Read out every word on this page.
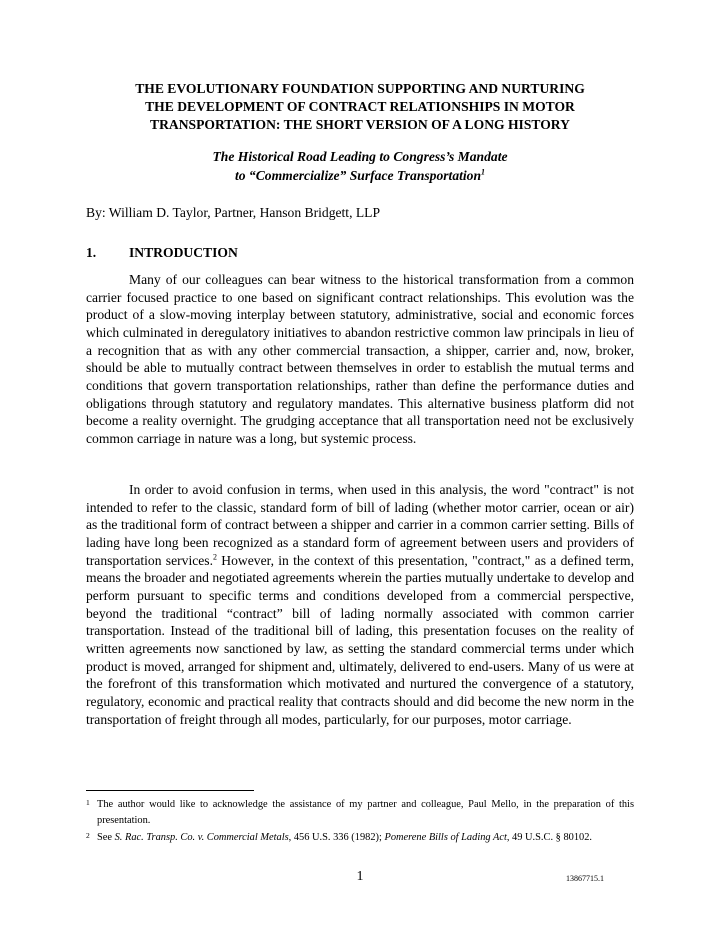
THE EVOLUTIONARY FOUNDATION SUPPORTING AND NURTURING
THE DEVELOPMENT OF CONTRACT RELATIONSHIPS IN MOTOR
TRANSPORTATION: THE SHORT VERSION OF A LONG HISTORY
The Historical Road Leading to Congress’s Mandate
to “Commercialize” Surface Transportation$^1$
By: William D. Taylor, Partner, Hanson Bridgett, LLP
1. INTRODUCTION
Many of our colleagues can bear witness to the historical transformation from a common carrier focused practice to one based on significant contract relationships. This evolution was the product of a slow-moving interplay between statutory, administrative, social and economic forces which culminated in deregulatory initiatives to abandon restrictive common law principals in lieu of a recognition that as with any other commercial transaction, a shipper, carrier and, now, broker, should be able to mutually contract between themselves in order to establish the mutual terms and conditions that govern transportation relationships, rather than define the performance duties and obligations through statutory and regulatory mandates. This alternative business platform did not become a reality overnight. The grudging acceptance that all transportation need not be exclusively common carriage in nature was a long, but systemic process.
In order to avoid confusion in terms, when used in this analysis, the word "contract" is not intended to refer to the classic, standard form of bill of lading (whether motor carrier, ocean or air) as the traditional form of contract between a shipper and carrier in a common carrier setting. Bills of lading have long been recognized as a standard form of agreement between users and providers of transportation services.$^2$ However, in the context of this presentation, "contract," as a defined term, means the broader and negotiated agreements wherein the parties mutually undertake to develop and perform pursuant to specific terms and conditions developed from a commercial perspective, beyond the traditional “contract” bill of lading normally associated with common carrier transportation. Instead of the traditional bill of lading, this presentation focuses on the reality of written agreements now sanctioned by law, as setting the standard commercial terms under which product is moved, arranged for shipment and, ultimately, delivered to end-users. Many of us were at the forefront of this transformation which motivated and nurtured the convergence of a statutory, regulatory, economic and practical reality that contracts should and did become the new norm in the transportation of freight through all modes, particularly, for our purposes, motor carriage.
1 The author would like to acknowledge the assistance of my partner and colleague, Paul Mello, in the preparation of this presentation.
2 See S. Rac. Transp. Co. v. Commercial Metals, 456 U.S. 336 (1982); Pomerene Bills of Lading Act, 49 U.S.C. § 80102.
1	13867715.1
